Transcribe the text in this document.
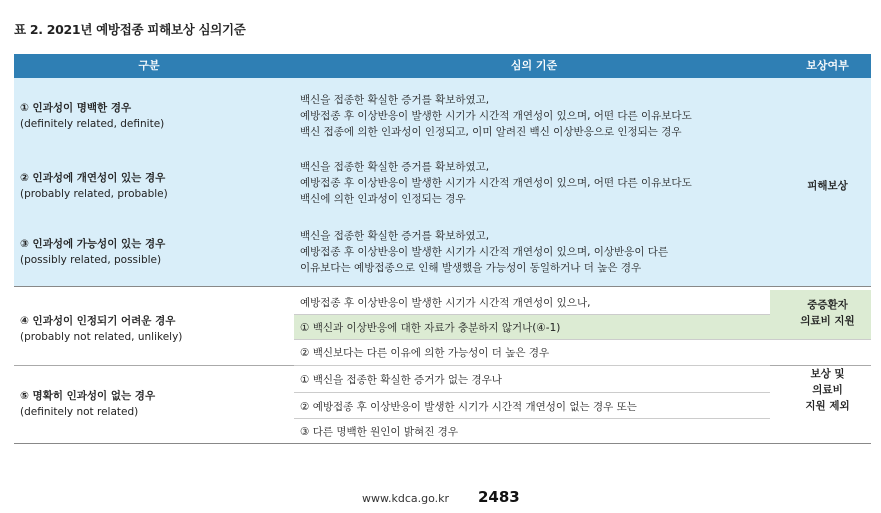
표 2. 2021년 예방접종 피해보상 심의기준
구분	심의 기준	보상여부
① 인과성이 명백한 경우
(definitely related, definite)
백신을 접종한 확실한 증거를 확보하였고,
예방접종 후 이상반응이 발생한 시기가 시간적 개연성이 있으며, 어떤 다른 이유보다도
백신 접종에 의한 인과성이 인정되고, 이미 알려진 백신 이상반응으로 인정되는 경우
② 인과성에 개연성이 있는 경우
(probably related, probable)
백신을 접종한 확실한 증거를 확보하였고,
예방접종 후 이상반응이 발생한 시기가 시간적 개연성이 있으며, 어떤 다른 이유보다도
백신에 의한 인과성이 인정되는 경우
③ 인과성에 가능성이 있는 경우
(possibly related, possible)
백신을 접종한 확실한 증거를 확보하였고,
예방접종 후 이상반응이 발생한 시기가 시간적 개연성이 있으며, 이상반응이 다른
이유보다는 예방접종으로 인해 발생했을 가능성이 동일하거나 더 높은 경우
피해보상
④ 인과성이 인정되기 어려운 경우
(probably not related, unlikely)
예방접종 후 이상반응이 발생한 시기가 시간적 개연성이 있으나,
① 백신과 이상반응에 대한 자료가 충분하지 않거나(④-1)
② 백신보다는 다른 이유에 의한 가능성이 더 높은 경우
중증환자
의료비 지원
⑤ 명확히 인과성이 없는 경우
(definitely not related)
① 백신을 접종한 확실한 증거가 없는 경우나
② 예방접종 후 이상반응이 발생한 시기가 시간적 개연성이 없는 경우 또는
③ 다른 명백한 원인이 밝혀진 경우
보상 및
의료비
지원 제외
www.kdca.go.kr 2483
